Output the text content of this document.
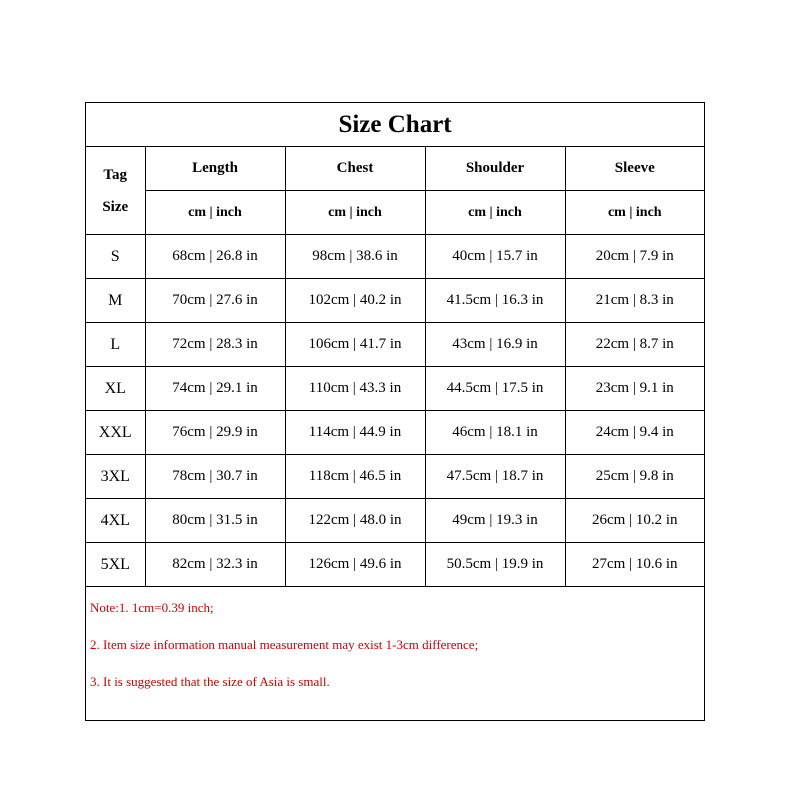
Size Chart				

Tag
Size	Length	Chest	Shoulder	Sleeve
	cm | inch	cm | inch	cm | inch	cm | inch
S	68cm | 26.8 in	98cm | 38.6 in	40cm | 15.7 in	20cm | 7.9 in
M	70cm | 27.6 in	102cm | 40.2 in	41.5cm | 16.3 in	21cm | 8.3 in
L	72cm | 28.3 in	106cm | 41.7 in	43cm | 16.9 in	22cm | 8.7 in
XL	74cm | 29.1 in	110cm | 43.3 in	44.5cm | 17.5 in	23cm | 9.1 in
XXL	76cm | 29.9 in	114cm | 44.9 in	46cm | 18.1 in	24cm | 9.4 in
3XL	78cm | 30.7 in	118cm | 46.5 in	47.5cm | 18.7 in	25cm | 9.8 in
4XL	80cm | 31.5 in	122cm | 48.0 in	49cm | 19.3 in	26cm | 10.2 in
5XL	82cm | 32.3 in	126cm | 49.6 in	50.5cm | 19.9 in	27cm | 10.6 in
Note:1. 1cm=0.39 inch;
2. Item size information manual measurement may exist 1-3cm difference;
3. It is suggested that the size of Asia is small.
